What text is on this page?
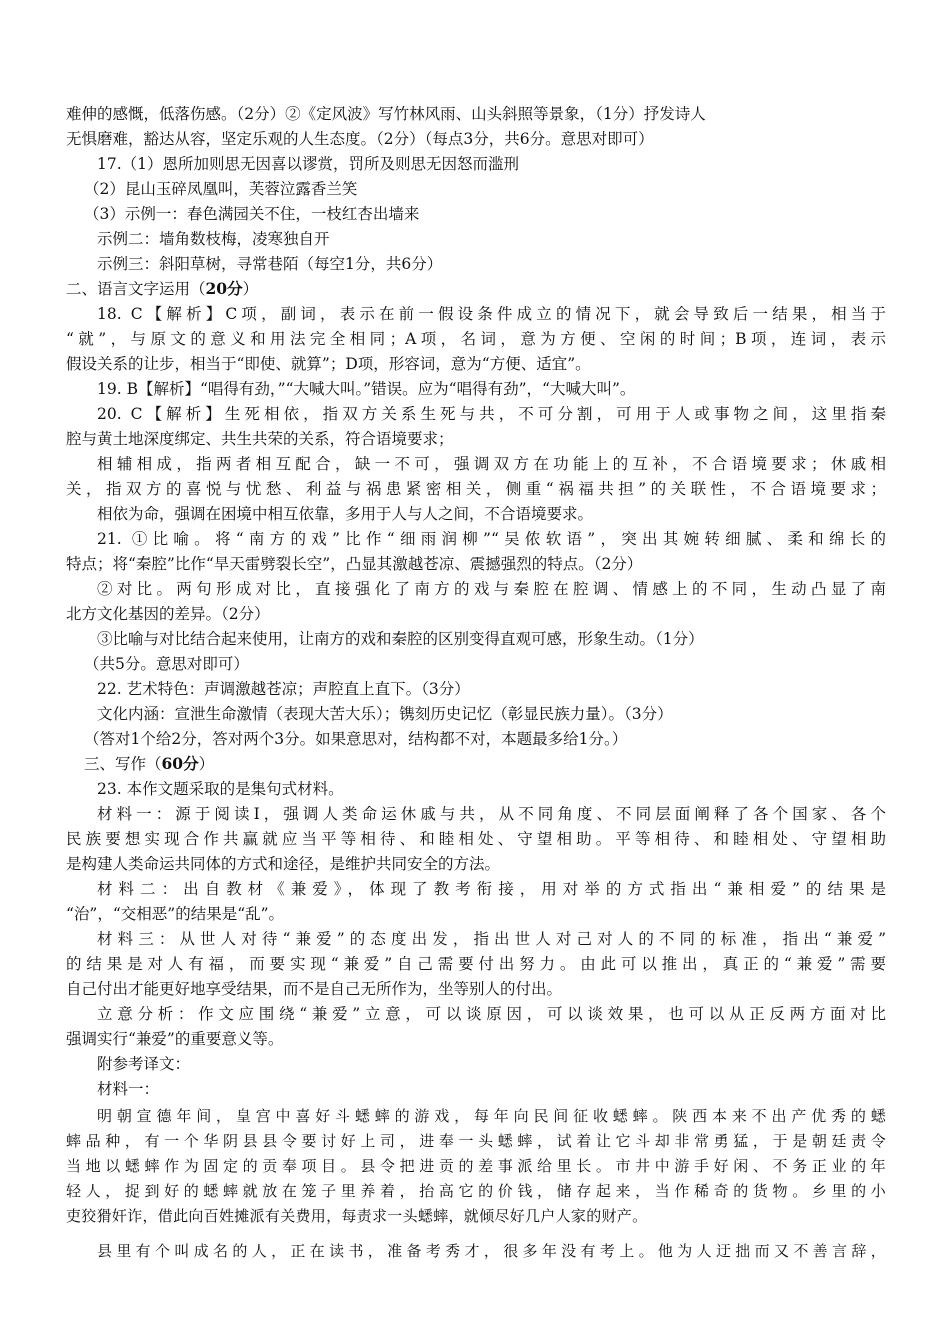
难伸的感慨，低落伤感。（2分）②《定风波》写竹林风雨、山头斜照等景象，（1分）抒发诗人
无惧磨难，豁达从容，坚定乐观的人生态度。（2分）（每点3分，共6分。意思对即可）
17.（1）恩所加则思无因喜以谬赏，罚所及则思无因怒而滥刑
（2）昆山玉碎凤凰叫，芙蓉泣露香兰笑
（3）示例一：春色满园关不住，一枝红杏出墙来
示例二：墙角数枝梅，凌寒独自开
示例三：斜阳草树，寻常巷陌（每空1分，共6分）
二、语言文字运用（20分）
18. C【解析】C项，副词，表示在前一假设条件成立的情况下，就会导致后一结果，相当于
“就”，与原文的意义和用法完全相同；A项，名词，意为方便、空闲的时间；B项，连词，表示
假设关系的让步，相当于“即使、就算”；D项，形容词，意为“方便、适宜”。
19. B【解析】“唱得有劲，”“大喊大叫。”错误。应为“唱得有劲”，“大喊大叫”。
20. C【解析】生死相依，指双方关系生死与共，不可分割，可用于人或事物之间，这里指秦
腔与黄土地深度绑定、共生共荣的关系，符合语境要求；
相辅相成，指两者相互配合，缺一不可，强调双方在功能上的互补，不合语境要求；休戚相
关，指双方的喜悦与忧愁、利益与祸患紧密相关，侧重“祸福共担”的关联性，不合语境要求；
相依为命，强调在困境中相互依靠，多用于人与人之间，不合语境要求。
21. ①比喻。将“南方的戏”比作“细雨润柳”“吴侬软语”，突出其婉转细腻、柔和绵长的
特点；将“秦腔”比作“旱天雷劈裂长空”，凸显其激越苍凉、震撼强烈的特点。（2分）
②对比。两句形成对比，直接强化了南方的戏与秦腔在腔调、情感上的不同，生动凸显了南
北方文化基因的差异。（2分）
③比喻与对比结合起来使用，让南方的戏和秦腔的区别变得直观可感，形象生动。（1分）
（共5分。意思对即可）
22. 艺术特色：声调激越苍凉；声腔直上直下。（3分）
文化内涵：宣泄生命激情（表现大苦大乐）；镌刻历史记忆（彰显民族力量）。（3分）
（答对1个给2分，答对两个3分。如果意思对，结构都不对，本题最多给1分。）
三、写作（60分）
23. 本作文题采取的是集句式材料。
材料一：源于阅读I，强调人类命运休戚与共，从不同角度、不同层面阐释了各个国家、各个
民族要想实现合作共赢就应当平等相待、和睦相处、守望相助。平等相待、和睦相处、守望相助
是构建人类命运共同体的方式和途径，是维护共同安全的方法。
材料二：出自教材《兼爱》，体现了教考衔接，用对举的方式指出“兼相爱”的结果是
“治”，“交相恶”的结果是“乱”。
材料三：从世人对待“兼爱”的态度出发，指出世人对己对人的不同的标准，指出“兼爱”
的结果是对人有福，而要实现“兼爱”自己需要付出努力。由此可以推出，真正的“兼爱”需要
自己付出才能更好地享受结果，而不是自己无所作为，坐等别人的付出。
立意分析：作文应围绕“兼爱”立意，可以谈原因，可以谈效果，也可以从正反两方面对比
强调实行“兼爱”的重要意义等。
附参考译文：
材料一：
明朝宣德年间，皇宫中喜好斗蟋蟀的游戏，每年向民间征收蟋蟀。陕西本来不出产优秀的蟋
蟀品种，有一个华阴县县令要讨好上司，进奉一头蟋蟀，试着让它斗却非常勇猛，于是朝廷责令
当地以蟋蟀作为固定的贡奉项目。县令把进贡的差事派给里长。市井中游手好闲、不务正业的年
轻人，捉到好的蟋蟀就放在笼子里养着，抬高它的价钱，储存起来，当作稀奇的货物。乡里的小
吏狡猾奸诈，借此向百姓摊派有关费用，每责求一头蟋蟀，就倾尽好几户人家的财产。
县里有个叫成名的人，正在读书，准备考秀才，很多年没有考上。他为人迂拙而又不善言辞，
